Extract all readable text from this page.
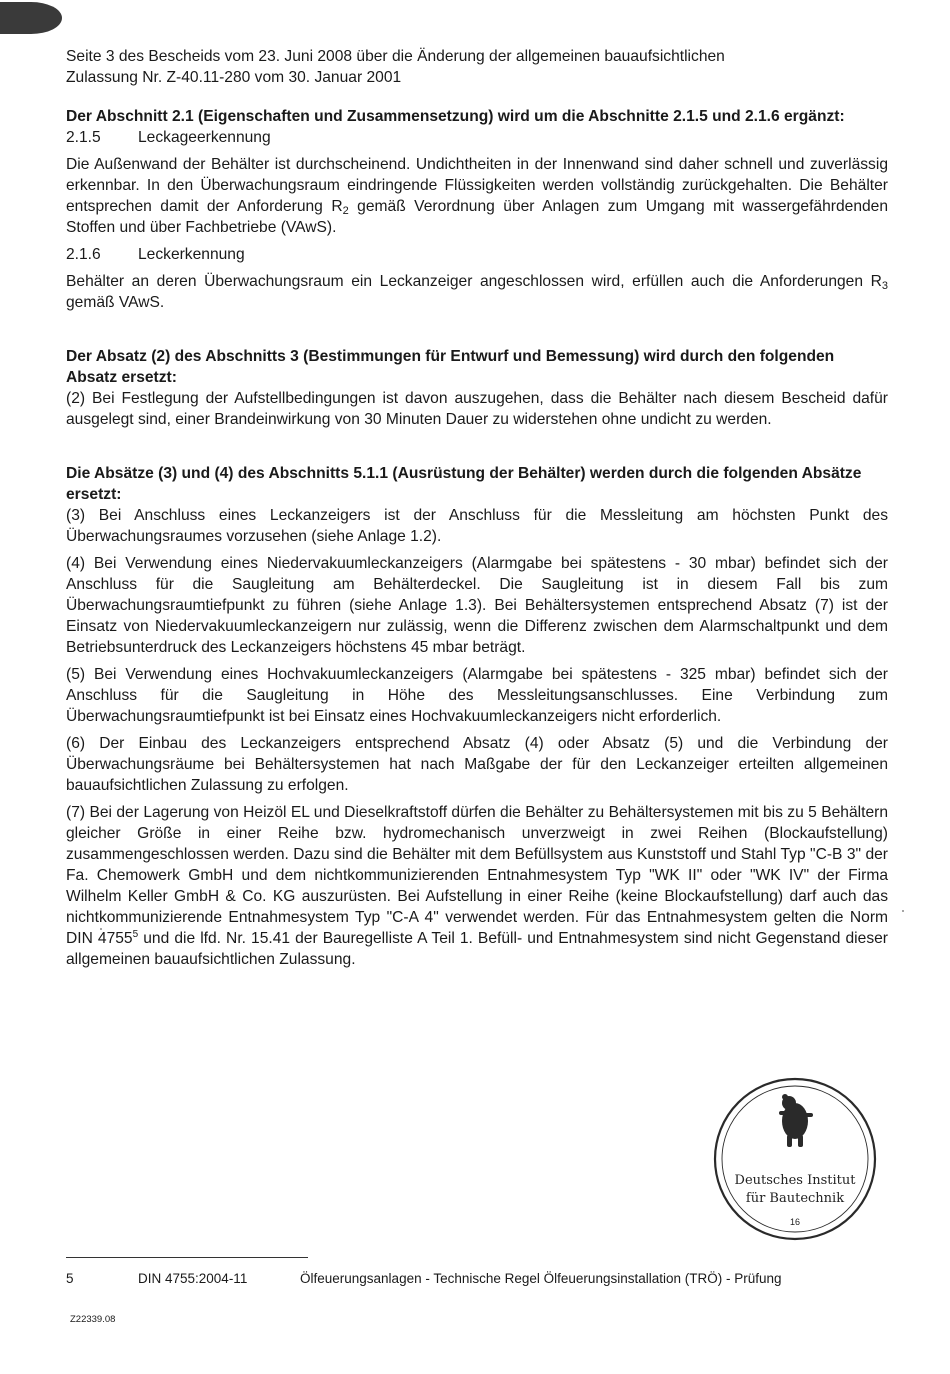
Seite 3 des Bescheids vom 23. Juni 2008 über die Änderung der allgemeinen bauaufsichtlichen

Zulassung Nr. Z-40.11-280 vom 30. Januar 2001

Der Abschnitt 2.1 (Eigenschaften und Zusammensetzung) wird um die Abschnitte 2.1.5 und 2.1.6 ergänzt:

2.1.5	Leckageerkennung

Die Außenwand der Behälter ist durchscheinend. Undichtheiten in der Innenwand sind daher schnell und zuverlässig erkennbar. In den Überwachungsraum eindringende Flüssigkeiten werden vollständig zurückgehalten. Die Behälter entsprechen damit der Anforderung $R_2$ gemäß Verordnung über Anlagen zum Umgang mit wassergefährdenden Stoffen und über Fachbetriebe (VAwS).

2.1.6	Leckerkennung

Behälter an deren Überwachungsraum ein Leckanzeiger angeschlossen wird, erfüllen auch die Anforderungen $R_3$ gemäß VAwS.

Der Absatz (2) des Abschnitts 3 (Bestimmungen für Entwurf und Bemessung) wird durch den folgenden Absatz ersetzt:

(2) Bei Festlegung der Aufstellbedingungen ist davon auszugehen, dass die Behälter nach diesem Bescheid dafür ausgelegt sind, einer Brandeinwirkung von 30 Minuten Dauer zu widerstehen ohne undicht zu werden.

Die Absätze (3) und (4) des Abschnitts 5.1.1 (Ausrüstung der Behälter) werden durch die folgenden Absätze ersetzt:

(3) Bei Anschluss eines Leckanzeigers ist der Anschluss für die Messleitung am höchsten Punkt des Überwachungsraumes vorzusehen (siehe Anlage 1.2).

(4) Bei Verwendung eines Niedervakuumleckanzeigers (Alarmgabe bei spätestens - 30 mbar) befindet sich der Anschluss für die Saugleitung am Behälterdeckel. Die Saugleitung ist in diesem Fall bis zum Überwachungsraumtiefpunkt zu führen (siehe Anlage 1.3). Bei Behältersystemen entsprechend Absatz (7) ist der Einsatz von Niedervakuumleckanzeigern nur zulässig, wenn die Differenz zwischen dem Alarmschaltpunkt und dem Betriebsunterdruck des Leckanzeigers höchstens 45 mbar beträgt.

(5) Bei Verwendung eines Hochvakuumleckanzeigers (Alarmgabe bei spätestens - 325 mbar) befindet sich der Anschluss für die Saugleitung in Höhe des Messleitungsanschlusses. Eine Verbindung zum Überwachungsraumtiefpunkt ist bei Einsatz eines Hochvakuumleckanzeigers nicht erforderlich.

(6) Der Einbau des Leckanzeigers entsprechend Absatz (4) oder Absatz (5) und die Verbindung der Überwachungsräume bei Behältersystemen hat nach Maßgabe der für den Leckanzeiger erteilten allgemeinen bauaufsichtlichen Zulassung zu erfolgen.

(7) Bei der Lagerung von Heizöl EL und Dieselkraftstoff dürfen die Behälter zu Behältersystemen mit bis zu 5 Behältern gleicher Größe in einer Reihe bzw. hydromechanisch unverzweigt in zwei Reihen (Blockaufstellung) zusammengeschlossen werden. Dazu sind die Behälter mit dem Befüllsystem aus Kunststoff und Stahl Typ "C-B 3" der Fa. Chemowerk GmbH und dem nichtkommunizierenden Entnahmesystem Typ "WK II" oder "WK IV" der Firma Wilhelm Keller GmbH & Co. KG auszurüsten. Bei Aufstellung in einer Reihe (keine Blockaufstellung) darf auch das nichtkommunizierende Entnahmesystem Typ "C-A 4" verwendet werden. Für das Entnahmesystem gelten die Norm DIN 4755$^5$ und die lfd. Nr. 15.41 der Bauregelliste A Teil 1. Befüll- und Entnahmesystem sind nicht Gegenstand dieser allgemeinen bauaufsichtlichen Zulassung.

Deutsches Institut
für Bautechnik
16
5	DIN 4755:2004-11	Ölfeuerungsanlagen - Technische Regel Ölfeuerungsinstallation (TRÖ) - Prüfung
Z22339.08
